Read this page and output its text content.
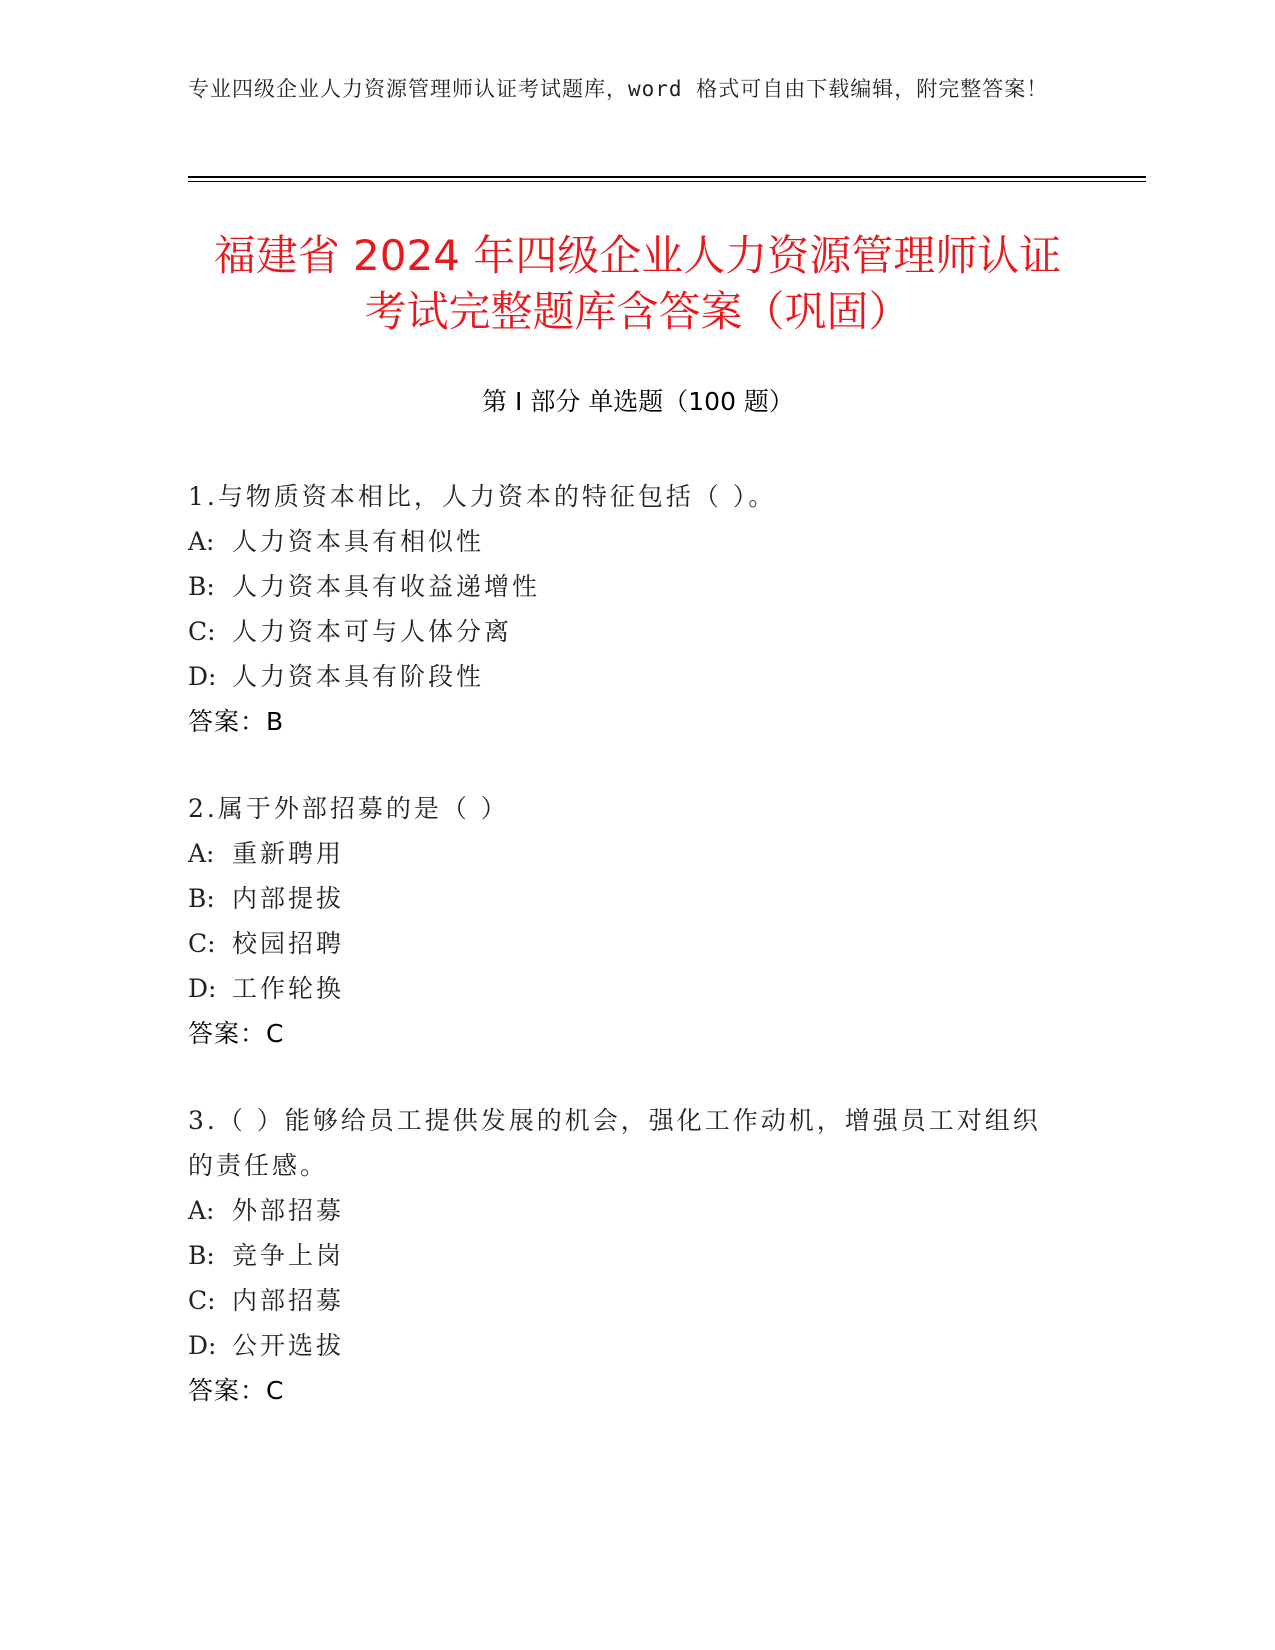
专业四级企业人力资源管理师认证考试题库，word 格式可自由下载编辑，附完整答案！
福建省 2024 年四级企业人力资源管理师认证
考试完整题库含答案（巩固）
第 I 部分 单选题（100 题）
1.与物质资本相比，人力资本的特征包括（ ）。
A: 人力资本具有相似性
B: 人力资本具有收益递增性
C: 人力资本可与人体分离
D: 人力资本具有阶段性
答案：B
2.属于外部招募的是（ ）
A: 重新聘用
B: 内部提拔
C: 校园招聘
D: 工作轮换
答案：C
3.（ ）能够给员工提供发展的机会，强化工作动机，增强员工对组织
的责任感。
A: 外部招募
B: 竞争上岗
C: 内部招募
D: 公开选拔
答案：C
